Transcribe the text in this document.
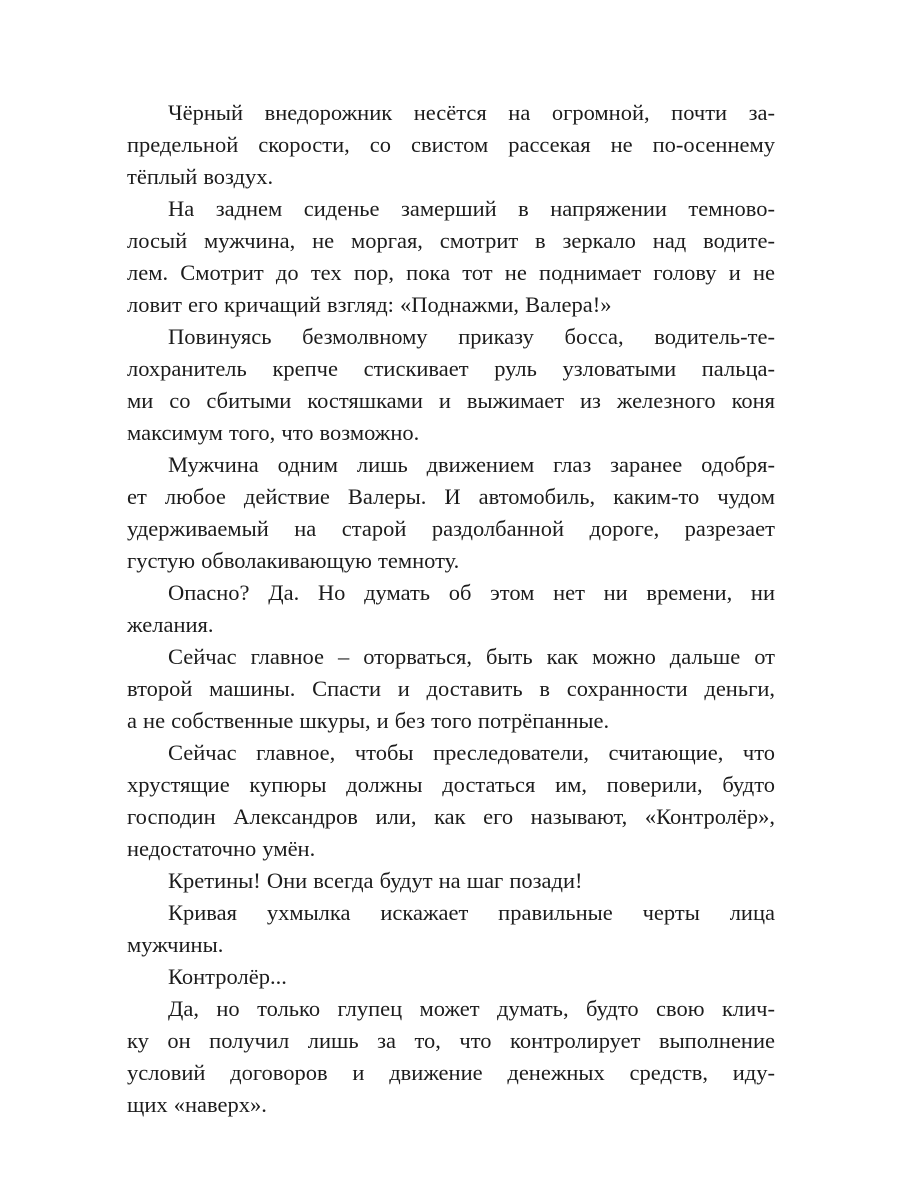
Чёрный внедорожник несётся на огромной, почти за-
предельной скорости, со свистом рассекая не по-осеннему
тёплый воздух.
На заднем сиденье замерший в напряжении темново-
лосый мужчина, не моргая, смотрит в зеркало над водите-
лем. Смотрит до тех пор, пока тот не поднимает голову и не
ловит его кричащий взгляд: «Поднажми, Валера!»
Повинуясь безмолвному приказу босса, водитель-те-
лохранитель крепче стискивает руль узловатыми пальца-
ми со сбитыми костяшками и выжимает из железного коня
максимум того, что возможно.
Мужчина одним лишь движением глаз заранее одобря-
ет любое действие Валеры. И автомобиль, каким-то чудом
удерживаемый на старой раздолбанной дороге, разрезает
густую обволакивающую темноту.
Опасно? Да. Но думать об этом нет ни времени, ни
желания.
Сейчас главное – оторваться, быть как можно дальше от
второй машины. Спасти и доставить в сохранности деньги,
а не собственные шкуры, и без того потрёпанные.
Сейчас главное, чтобы преследователи, считающие, что
хрустящие купюры должны достаться им, поверили, будто
господин Александров или, как его называют, «Контролёр»,
недостаточно умён.
Кретины! Они всегда будут на шаг позади!
Кривая ухмылка искажает правильные черты лица
мужчины.
Контролёр...
Да, но только глупец может думать, будто свою клич-
ку он получил лишь за то, что контролирует выполнение
условий договоров и движение денежных средств, иду-
щих «наверх».
